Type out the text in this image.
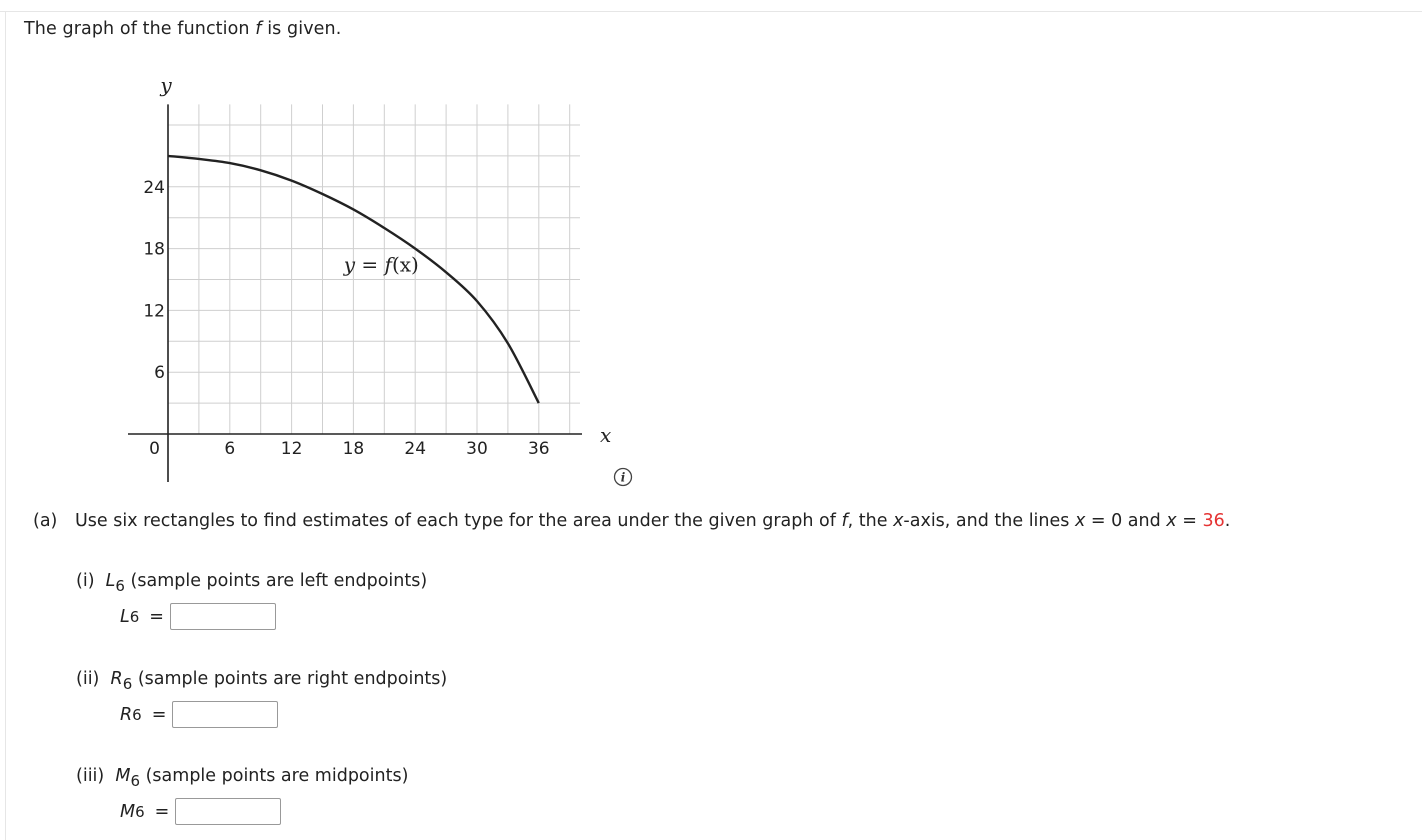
The graph of the function f is given.
6	12 18 24 30 36
6
12
18
24
y
x
0
y = f(x)
i
(a) Use six rectangles to find estimates of each type for the area under the given graph of f, the x-axis, and the lines x = 0 and x = 36.
(i) $L_6$ (sample points are left endpoints)
L 6 =
(ii) $R_6$ (sample points are right endpoints)
R 6 =
(iii) $M_6$ (sample points are midpoints)
M 6 =
